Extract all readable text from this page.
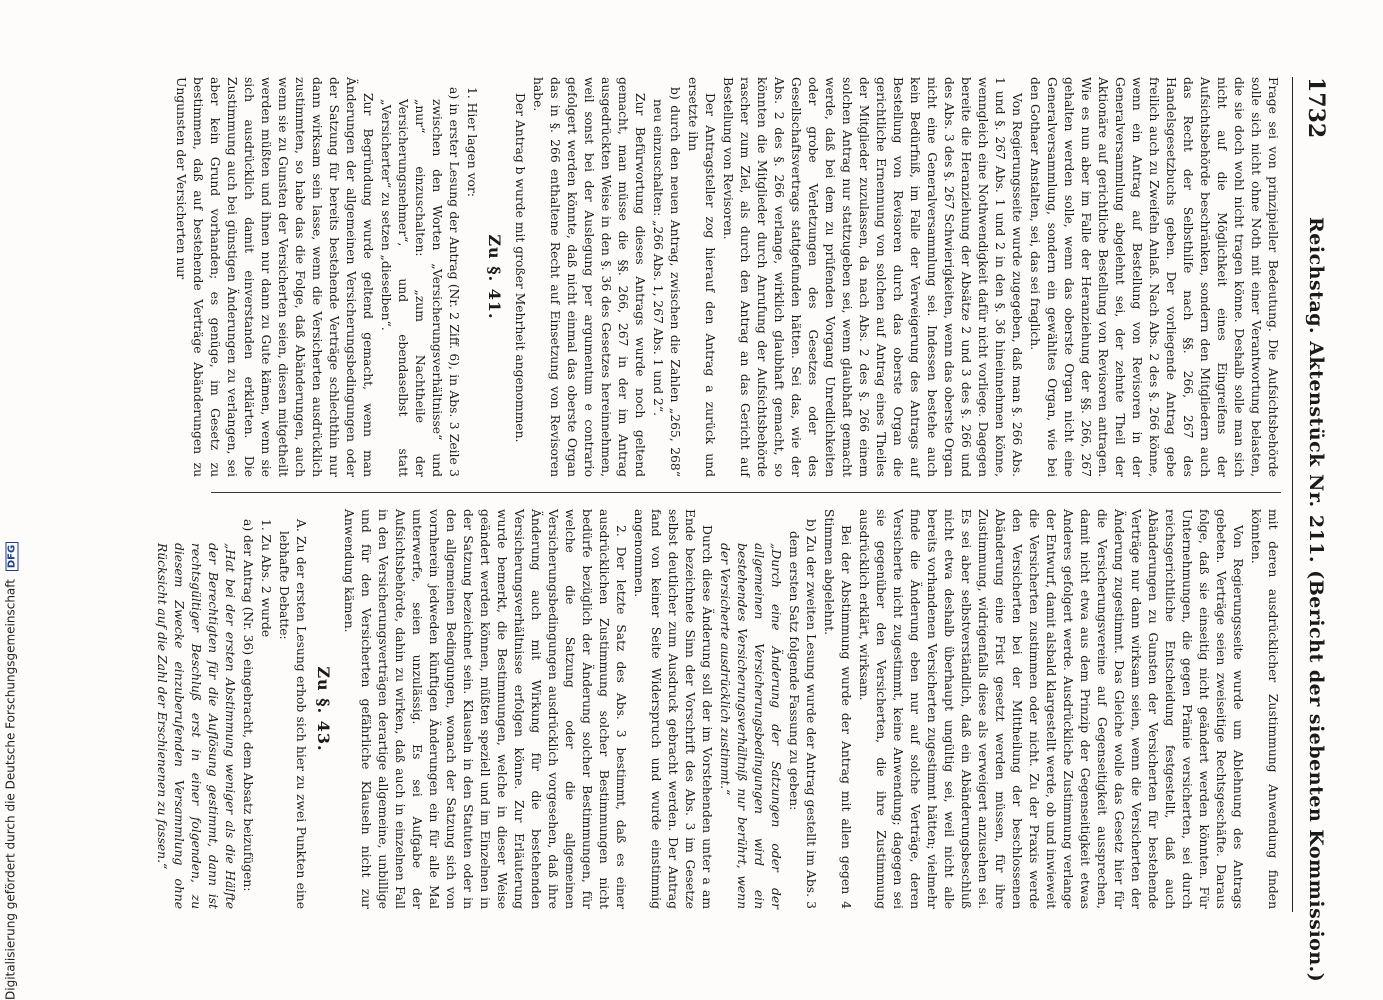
Digitalisierung gefördert durch die Deutsche Forschungsgemeinschaft DFG
1732
Reichstag. Aktenstück Nr. 211. (Bericht der siebenten Kommission.)

Frage sei von prinzipieller Bedeutung. Die Aufsichtsbehörde solle sich nicht ohne Noth mit einer Verantwortung belasten, die sie doch wohl nicht tragen könne. Deshalb solle man sich nicht auf die Möglichkeit eines Eingreifens der Aufsichtsbehörde beschränken, sondern den Mitgliedern auch das Recht der Selbsthilfe nach §§. 266, 267 des Handelsgesetzbuchs geben. Der vorliegende Antrag gebe freilich auch zu Zweifeln Anlaß. Nach Abs. 2 des §. 266 könne, wenn ein Antrag auf Bestellung von Revisoren in der Generalversammlung abgelehnt sei, der zehnte Theil der Aktionäre auf gerichtliche Bestellung von Revisoren antragen. Wie es nun aber im Falle der Heranziehung der §§. 266, 267 gehalten werden solle, wenn das oberste Organ nicht eine Generalversammlung, sondern ein gewähltes Organ, wie bei den Gothaer Anstalten, sei, das sei fraglich.

Von Regierungsseite wurde zugegeben, daß man §. 266 Abs. 1 und §. 267 Abs. 1 und 2 in den §. 36 hineinnehmen könne, wenngleich eine Nothwendigkeit dafür nicht vorliege. Dagegen bereite die Heranziehung der Absätze 2 und 3 des §. 266 und des Abs. 3 des §. 267 Schwierigkeiten, wenn das oberste Organ nicht eine Generalversammlung sei. Indessen bestehe auch kein Bedürfniß, im Falle der Verweigerung des Antrags auf Bestellung von Revisoren durch das oberste Organ die gerichtliche Ernennung von solchen auf Antrag eines Theiles der Mitglieder zuzulassen, da nach Abs. 2 des §. 266 einem solchen Antrag nur stattzugeben sei, wenn glaubhaft gemacht werde, daß bei dem zu prüfenden Vorgang Unredlichkeiten oder grobe Verletzungen des Gesetzes oder des Gesellschaftsvertrags stattgefunden hätten. Sei das, wie der Abs. 2 des §. 266 verlange, wirklich glaubhaft gemacht, so könnten die Mitglieder durch Anrufung der Aufsichtsbehörde rascher zum Ziel, als durch den Antrag an das Gericht auf Bestellung von Revisoren.

Der Antragsteller zog hierauf den Antrag a zurück und ersetzte ihn

b) durch den neuen Antrag, zwischen die Zahlen „265, 268“ neu einzuschalten: „266 Abs. 1, 267 Abs. 1 und 2“.

Zur Befürwortung dieses Antrags wurde noch geltend gemacht, man müsse die §§. 266, 267 in der im Antrag ausgedrückten Weise in den §. 36 des Gesetzes hereinnehmen, weil sonst bei der Auslegung per argumentum e contrario gefolgert werden könnte, daß nicht einmal das oberste Organ das in §. 266 enthaltene Recht auf Einsetzung von Revisoren habe.

Der Antrag b wurde mit großer Mehrheit angenommen.

Zu §. 41.

1. Hier lagen vor:

a) in erster Lesung der Antrag (Nr. 2 Ziff. 6), in Abs. 3 Zeile 3 zwischen den Worten „Versicherungsverhältnisse“ und „nur“ einzuschalten: „zum Nachtheile der Versicherungsnehmer“, und ebendaselbst statt „Versicherter“ zu setzen „dieselben“.

Zur Begründung wurde geltend gemacht, wenn man Änderungen der allgemeinen Versicherungsbedingungen oder der Satzung für bereits bestehende Verträge schlechthin nur dann wirksam sein lasse, wenn die Versicherten ausdrücklich zustimmten, so habe das die Folge, daß Abänderungen, auch wenn sie zu Gunsten der Versicherten seien, diesen mitgetheilt werden müßten und ihnen nur dann zu Gute kämen, wenn sie sich ausdrücklich damit einverstanden erklärten. Die Zustimmung auch bei günstigen Änderungen zu verlangen, sei aber kein Grund vorhanden; es genüge, im Gesetz zu bestimmen, daß auf bestehende Verträge Abänderungen zu Ungunsten der Versicherten nur

mit deren ausdrücklicher Zustimmung Anwendung finden könnten.

Von Regierungsseite wurde um Ablehnung des Antrags gebeten. Verträge seien zweiseitige Rechtsgeschäfte. Daraus folge, daß sie einseitig nicht geändert werden könnten. Für Unternehmungen, die gegen Prämie versicherten, sei durch reichsgerichtliche Entscheidung festgestellt, daß auch Abänderungen zu Gunsten der Versicherten für bestehende Verträge nur dann wirksam seien, wenn die Versicherten der Änderung zugestimmt. Das Gleiche wolle das Gesetz hier für die Versicherungsvereine auf Gegenseitigkeit aussprechen, damit nicht etwa aus dem Prinzip der Gegenseitigkeit etwas Anderes gefolgert werde. Ausdrückliche Zustimmung verlange der Entwurf, damit alsbald klargestellt werde, ob und inwieweit die Versicherten zustimmen oder nicht. Zu der Praxis werde den Versicherten bei der Mittheilung der beschlossenen Abänderung eine Frist gesetzt werden müssen, für ihre Zustimmung, widrigenfalls diese als verweigert anzusehen sei. Es sei aber selbstverständlich, daß ein Abänderungsbeschluß nicht etwa deshalb überhaupt ungültig sei, weil nicht alle bereits vorhandenen Versicherten zugestimmt hätten; vielmehr finde die Änderung eben nur auf solche Verträge, deren Versicherte nicht zugestimmt, keine Anwendung; dagegen sei sie gegenüber den Versicherten, die ihre Zustimmung ausdrücklich erklärt, wirksam.

Bei der Abstimmung wurde der Antrag mit allen gegen 4 Stimmen abgelehnt.

b) Zu der zweiten Lesung wurde der Antrag gestellt im Abs. 3 dem ersten Satz folgende Fassung zu geben:

„Durch eine Änderung der Satzungen oder der allgemeinen Versicherungsbedingungen wird ein bestehendes Versicherungsverhältniß nur berührt, wenn der Versicherte ausdrücklich zustimmt.“

Durch diese Änderung soll der im Vorstehenden unter a am Ende bezeichnete Sinn der Vorschrift des Abs. 3 im Gesetze selbst deutlicher zum Ausdruck gebracht werden. Der Antrag fand von keiner Seite Widerspruch und wurde einstimmig angenommen.

2. Der letzte Satz des Abs. 3 bestimmt, daß es einer ausdrücklichen Zustimmung solcher Bestimmungen nicht bedürfe bezüglich der Änderung solcher Bestimmungen, für welche die Satzung oder die allgemeinen Versicherungsbedingungen ausdrücklich vorgesehen, daß ihre Änderung auch mit Wirkung für die bestehenden Versicherungsverhältnisse erfolgen könne. Zur Erläuterung wurde bemerkt, die Bestimmungen, welche in dieser Weise geändert werden können, müßten speziell und im Einzelnen in der Satzung bezeichnet sein. Klauseln in den Statuten oder in den allgemeinen Bedingungen, wonach der Satzung sich von vornherein jedweden künftigen Änderungen ein für alle Mal unterwerfe, seien unzulässig. Es sei Aufgabe der Aufsichtsbehörde, dahin zu wirken, daß auch in einzelnen Fall in den Versicherungsverträgen derartige allgemeine, unbillige und für den Versicherten gefährliche Klauseln nicht zur Anwendung kämen.

Zu §. 43.

A. Zu der ersten Lesung erhob sich hier zu zwei Punkten eine lebhafte Debatte:

1. Zu Abs. 2 wurde

a) der Antrag (Nr. 36) eingebracht, dem Absatz beizufügen:

„Hat bei der ersten Abstimmung weniger als die Hälfte der Berechtigten für die Auflösung gestimmt, dann ist rechtsgültiger Beschluß erst in einer folgenden, zu diesem Zwecke einzuberufenden Versammlung ohne Rücksicht auf die Zahl der Erschienenen zu fassen.“
